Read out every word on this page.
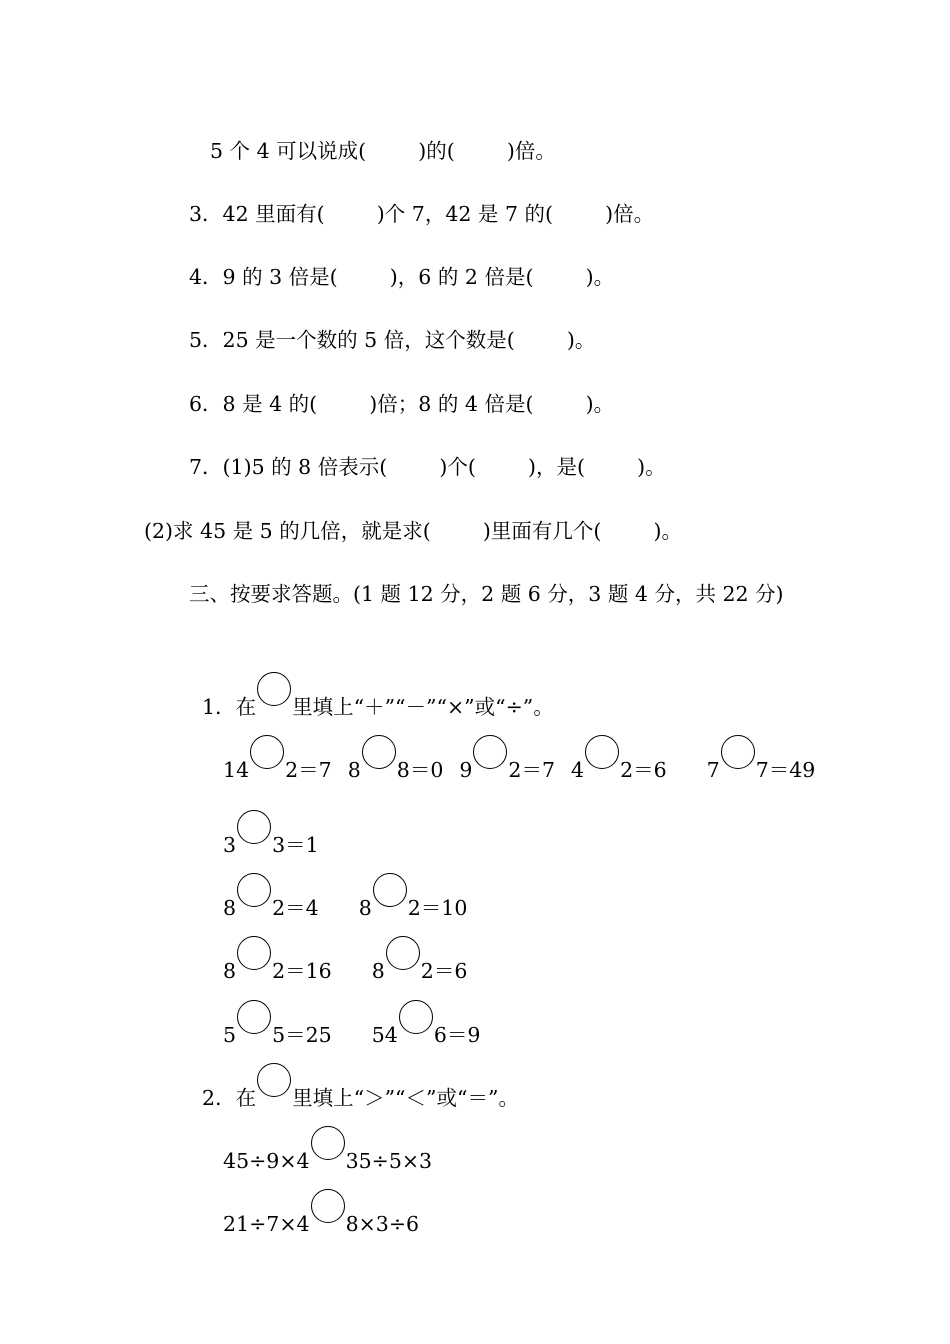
5 个 4 可以说成(        )的(        )倍。
3．42 里面有(        )个 7，42 是 7 的(        )倍。
4．9 的 3 倍是(        )，6 的 2 倍是(        )。
5．25 是一个数的 5 倍，这个数是(        )。
6．8 是 4 的(        )倍；8 的 4 倍是(        )。
7．(1)5 的 8 倍表示(        )个(        )，是(        )。
(2)求 45 是 5 的几倍，就是求(        )里面有几个(        )。
三、按要求答题。(1 题 12 分，2 题 6 分，3 题 4 分，共 22 分)

1．在 里填上“＋”“－”“×”或“÷”。

14 2＝7 8 8＝0 9 2＝7 4 2＝6 7 7＝49

3 3＝1

8 2＝4 8 2＝10

8 2＝16 8 2＝6

5 5＝25 54 6＝9

2．在 里填上“＞”“＜”或“＝”。

45÷9×4 35÷5×3

21÷7×4 8×3÷6
